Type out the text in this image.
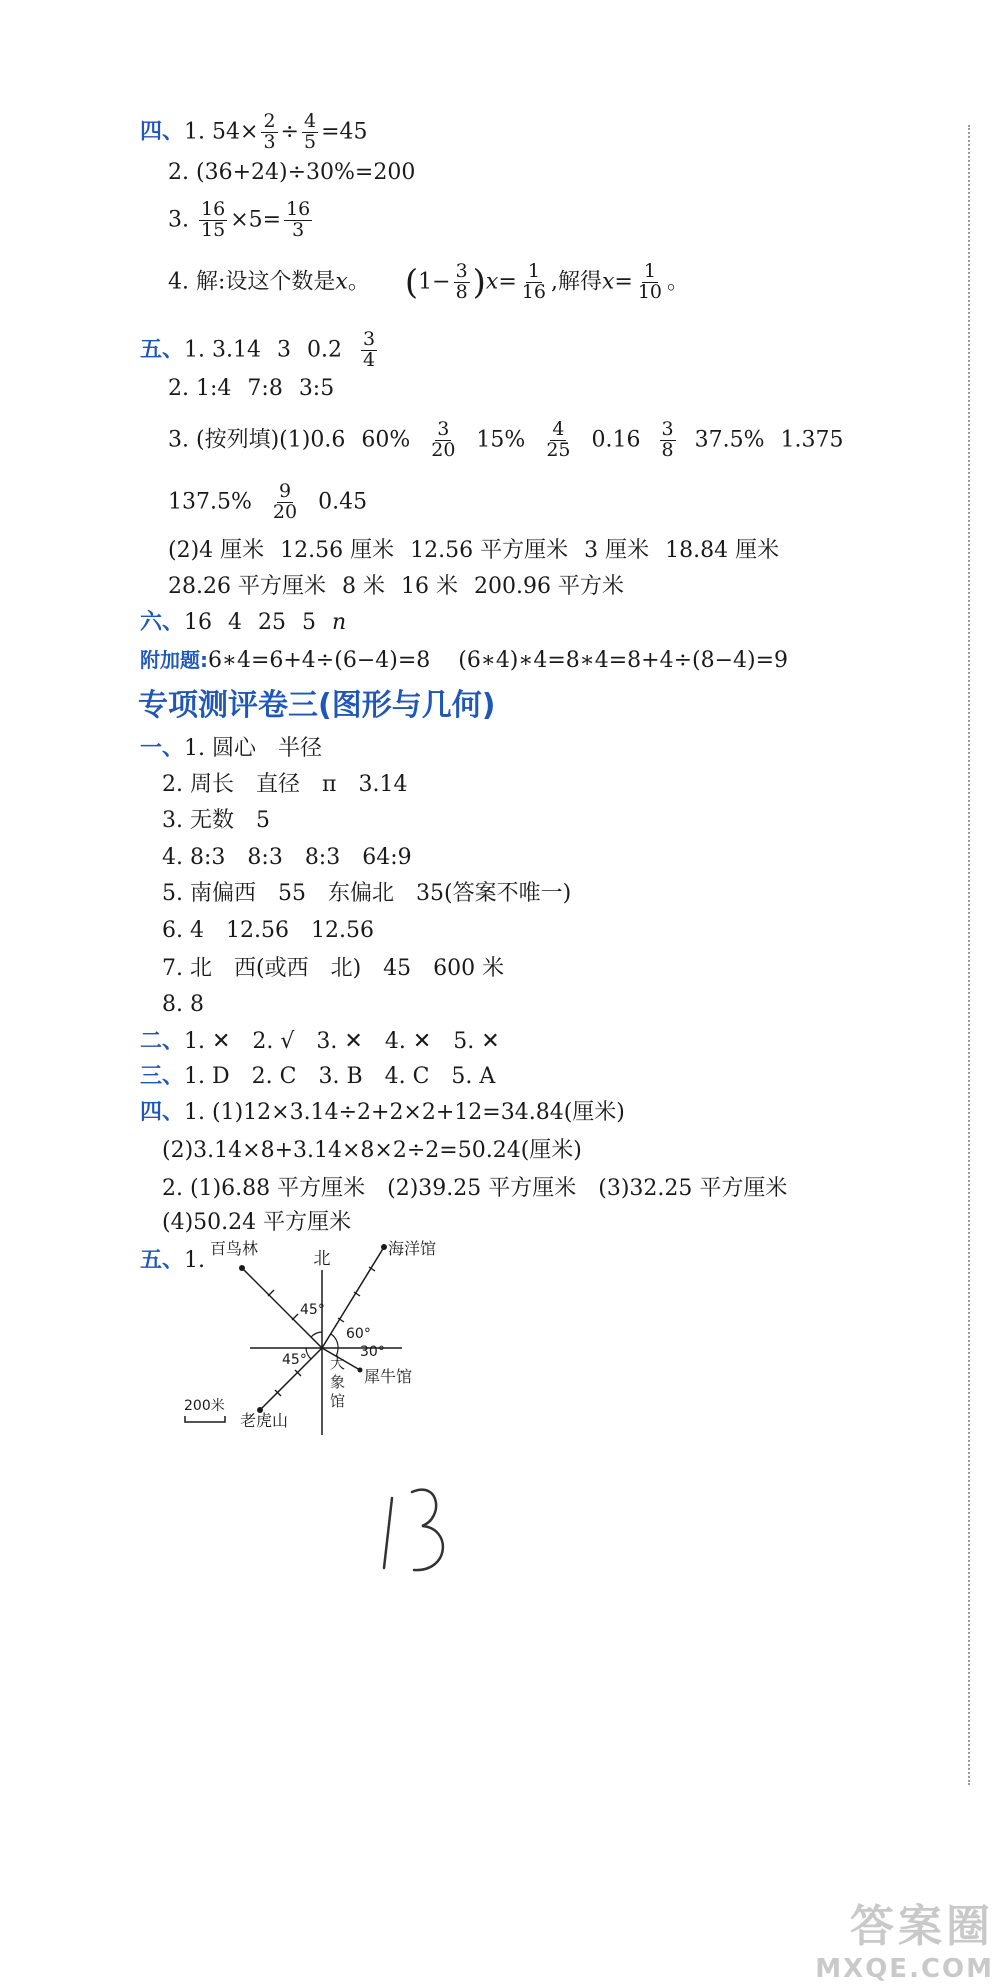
四、1. $54\times \frac{2}{3} \div \frac{4}{5} =45$
2. (36+24)÷30%=200
3. $\frac{16}{15} \times 5= \frac{16}{3}$
4. 解:设这个数是x。 $(1- \frac{3}{8} )x= \frac{1}{16}$ ,解得$x= \frac{1}{10}$ 。
五、1. 3.14 3 $0.2 \frac{3}{4}$
2. 1:4 7:8 3:5
3. (按列填)(1)0.6 $60\% \frac{3}{20} 15\% \frac{4}{25} 0.16 \frac{3}{8} 37.5\%$ 1.375
$137.5\% \frac{9}{20} 0.45$
(2)4 厘米 12.56 厘米 12.56 平方厘米 3 厘米 18.84 厘米
28.26 平方厘米 8 米 16 米 200.96 平方米
六、16 4 25 5 n
附加题:6∗4=6+4÷(6−4)=8 (6∗4)∗4=8∗4=8+4÷(8−4)=9
专项测评卷三(图形与几何)
一、1. 圆心　半径
2. 周长　直径　π　3.14
3. 无数　5
4. 8:3　8:3　8:3　64:9
5. 南偏西　55　东偏北　35(答案不唯一)
6. 4　12.56　12.56
7. 北　西(或西　北)　45　600 米
8. 8
二、1. ✕　2. √　3. ✕　4. ✕　5. ✕
三、1. D　2. C　3. B　4. C　5. A
四、1. (1)12×3.14÷2+2×2+12=34.84(厘米)
(2)3.14×8+3.14×8×2÷2=50.24(厘米)
2. (1)6.88 平方厘米　(2)39.25 平方厘米　(3)32.25 平方厘米
(4)50.24 平方厘米
五、1.	北
百鸟林	海洋馆
45°
60°
45°	30°
大
象
馆
犀牛馆
老虎山
200米
答案圈
MXQE.COM
